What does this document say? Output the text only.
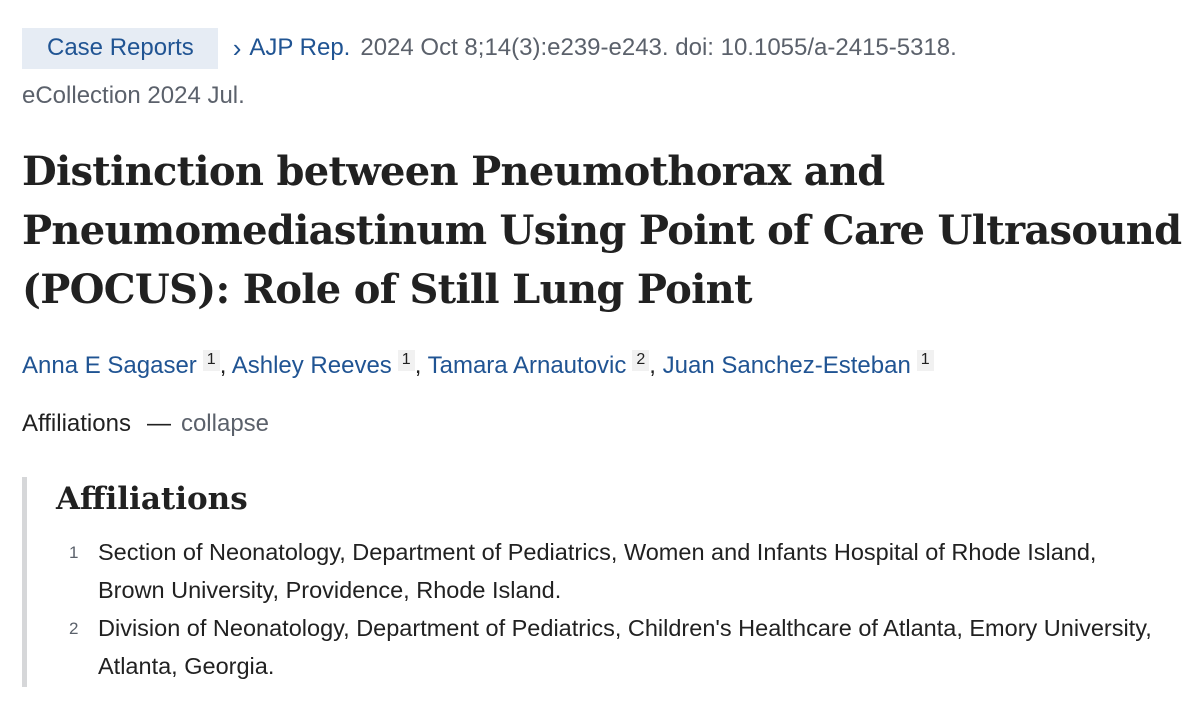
Case Reports	› AJP Rep. 2024 Oct 8;14(3):e239-e243. doi: 10.1055/a-2415-5318.
eCollection 2024 Jul.
Distinction between Pneumothorax and Pneumomediastinum Using Point of Care Ultrasound (POCUS): Role of Still Lung Point
Anna E Sagaser 1 , Ashley Reeves 1 , Tamara Arnautovic 2 , Juan Sanchez-Esteban 1
Affiliations — collapse
Affiliations
1 Section of Neonatology, Department of Pediatrics, Women and Infants Hospital of Rhode Island, Brown University, Providence, Rhode Island.
2 Division of Neonatology, Department of Pediatrics, Children's Healthcare of Atlanta, Emory University, Atlanta, Georgia.
